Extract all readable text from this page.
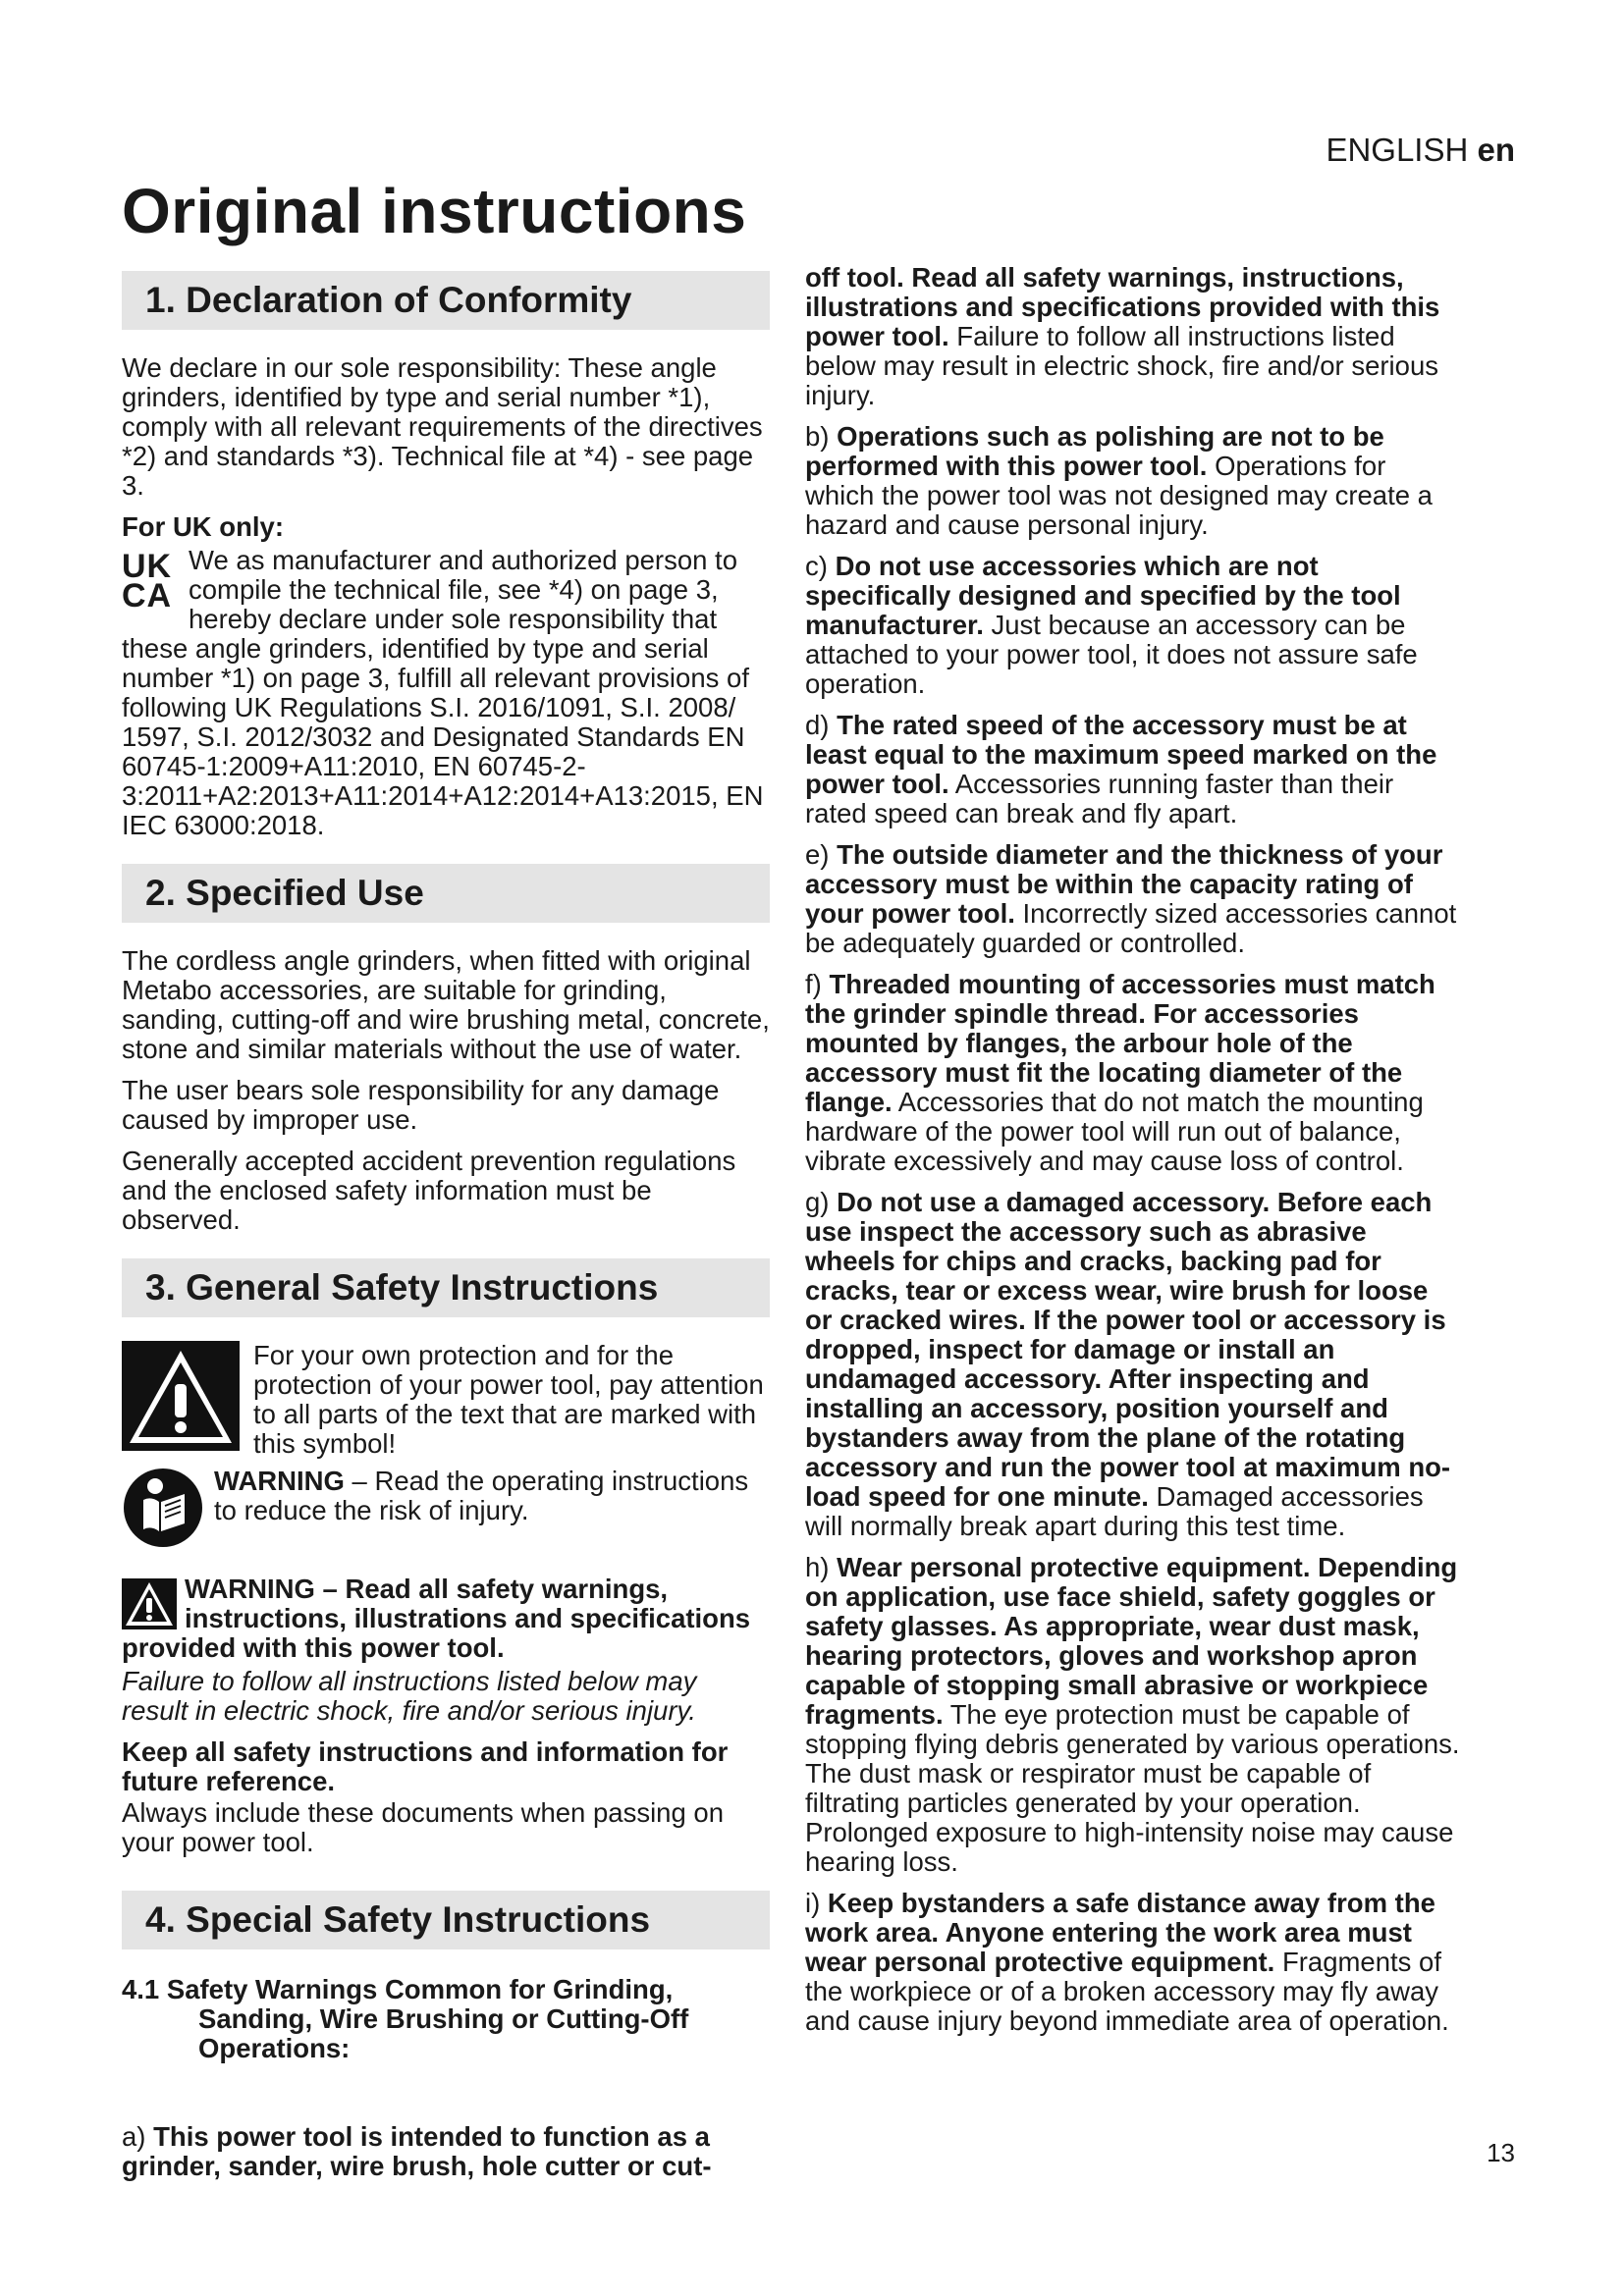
ENGLISH en
Original instructions
1. Declaration of Conformity

We declare in our sole responsibility: These angle grinders, identified by type and serial number *1), comply with all relevant requirements of the directives *2) and standards *3). Technical file at *4) - see page 3.

For UK only:

UK
CA
We as manufacturer and authorized person to compile the technical file, see *4) on page 3, hereby declare under sole responsibility that these angle grinders, identified by type and serial number *1) on page 3, fulfill all relevant provisions of following UK Regulations S.I. 2016/1091, S.I. 2008/ 1597, S.I. 2012/3032 and Designated Standards EN 60745-1:2009+A11:2010, EN 60745-2-3:2011+A2:2013+A11:2014+A12:2014+A13:2015, EN IEC 63000:2018.

2. Specified Use

The cordless angle grinders, when fitted with original Metabo accessories, are suitable for grinding, sanding, cutting-off and wire brushing metal, concrete, stone and similar materials without the use of water.

The user bears sole responsibility for any damage caused by improper use.

Generally accepted accident prevention regulations and the enclosed safety information must be observed.

3. General Safety Instructions
For your own protection and for the protection of your power tool, pay attention to all parts of the text that are marked with this symbol!
WARNING – Read the operating instructions to reduce the risk of injury.

WARNING – Read all safety warnings, instructions, illustrations and specifications provided with this power tool.

Failure to follow all instructions listed below may result in electric shock, fire and/or serious injury.

Keep all safety instructions and information for future reference.

Always include these documents when passing on your power tool.

4. Special Safety Instructions

4.1 Safety Warnings Common for Grinding, Sanding, Wire Brushing or Cutting-Off Operations:

a) This power tool is intended to function as a grinder, sander, wire brush, hole cutter or cut-

off tool. Read all safety warnings, instructions, illustrations and specifications provided with this power tool. Failure to follow all instructions listed below may result in electric shock, fire and/or serious injury.

b) Operations such as polishing are not to be performed with this power tool. Operations for which the power tool was not designed may create a hazard and cause personal injury.

c) Do not use accessories which are not specifically designed and specified by the tool manufacturer. Just because an accessory can be attached to your power tool, it does not assure safe operation.

d) The rated speed of the accessory must be at least equal to the maximum speed marked on the power tool. Accessories running faster than their rated speed can break and fly apart.

e) The outside diameter and the thickness of your accessory must be within the capacity rating of your power tool. Incorrectly sized accessories cannot be adequately guarded or controlled.

f) Threaded mounting of accessories must match the grinder spindle thread. For accessories mounted by flanges, the arbour hole of the accessory must fit the locating diameter of the flange. Accessories that do not match the mounting hardware of the power tool will run out of balance, vibrate excessively and may cause loss of control.

g) Do not use a damaged accessory. Before each use inspect the accessory such as abrasive wheels for chips and cracks, backing pad for cracks, tear or excess wear, wire brush for loose or cracked wires. If the power tool or accessory is dropped, inspect for damage or install an undamaged accessory. After inspecting and installing an accessory, position yourself and bystanders away from the plane of the rotating accessory and run the power tool at maximum no-load speed for one minute. Damaged accessories will normally break apart during this test time.

h) Wear personal protective equipment. Depending on application, use face shield, safety goggles or safety glasses. As appropriate, wear dust mask, hearing protectors, gloves and workshop apron capable of stopping small abrasive or workpiece fragments. The eye protection must be capable of stopping flying debris generated by various operations. The dust mask or respirator must be capable of filtrating particles generated by your operation. Prolonged exposure to high-intensity noise may cause hearing loss.

i) Keep bystanders a safe distance away from the work area. Anyone entering the work area must wear personal protective equipment. Fragments of the workpiece or of a broken accessory may fly away and cause injury beyond immediate area of operation.

13
